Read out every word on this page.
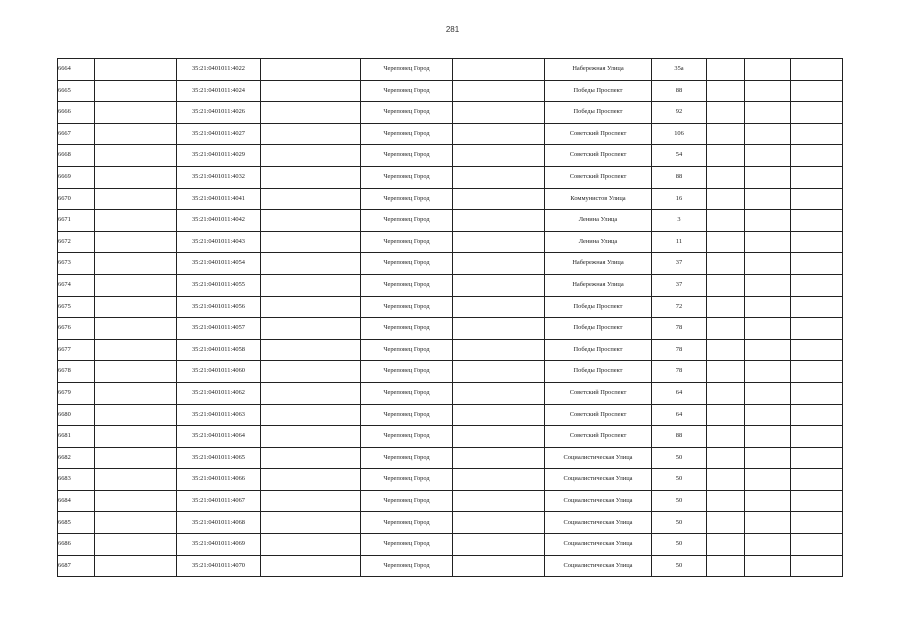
281
6664		35:21:0401011:4022		Череповец Город		Набережная Улица	35а			
6665		35:21:0401011:4024		Череповец Город		Победы Проспект	88			
6666		35:21:0401011:4026		Череповец Город		Победы Проспект	92			
6667		35:21:0401011:4027		Череповец Город		Советский Проспект	106			
6668		35:21:0401011:4029		Череповец Город		Советский Проспект	54			
6669		35:21:0401011:4032		Череповец Город		Советский Проспект	88			
6670		35:21:0401011:4041		Череповец Город		Коммунистов Улица	16			
6671		35:21:0401011:4042		Череповец Город		Ленина Улица	3			
6672		35:21:0401011:4043		Череповец Город		Ленина Улица	11			
6673		35:21:0401011:4054		Череповец Город		Набережная Улица	37			
6674		35:21:0401011:4055		Череповец Город		Набережная Улица	37			
6675		35:21:0401011:4056		Череповец Город		Победы Проспект	72			
6676		35:21:0401011:4057		Череповец Город		Победы Проспект	78			
6677		35:21:0401011:4058		Череповец Город		Победы Проспект	78			
6678		35:21:0401011:4060		Череповец Город		Победы Проспект	78			
6679		35:21:0401011:4062		Череповец Город		Советский Проспект	64			
6680		35:21:0401011:4063		Череповец Город		Советский Проспект	64			
6681		35:21:0401011:4064		Череповец Город		Советский Проспект	88			
6682		35:21:0401011:4065		Череповец Город		Социалистическая Улица	50			
6683		35:21:0401011:4066		Череповец Город		Социалистическая Улица	50			
6684		35:21:0401011:4067		Череповец Город		Социалистическая Улица	50			
6685		35:21:0401011:4068		Череповец Город		Социалистическая Улица	50			
6686		35:21:0401011:4069		Череповец Город		Социалистическая Улица	50			
6687		35:21:0401011:4070		Череповец Город		Социалистическая Улица	50			
